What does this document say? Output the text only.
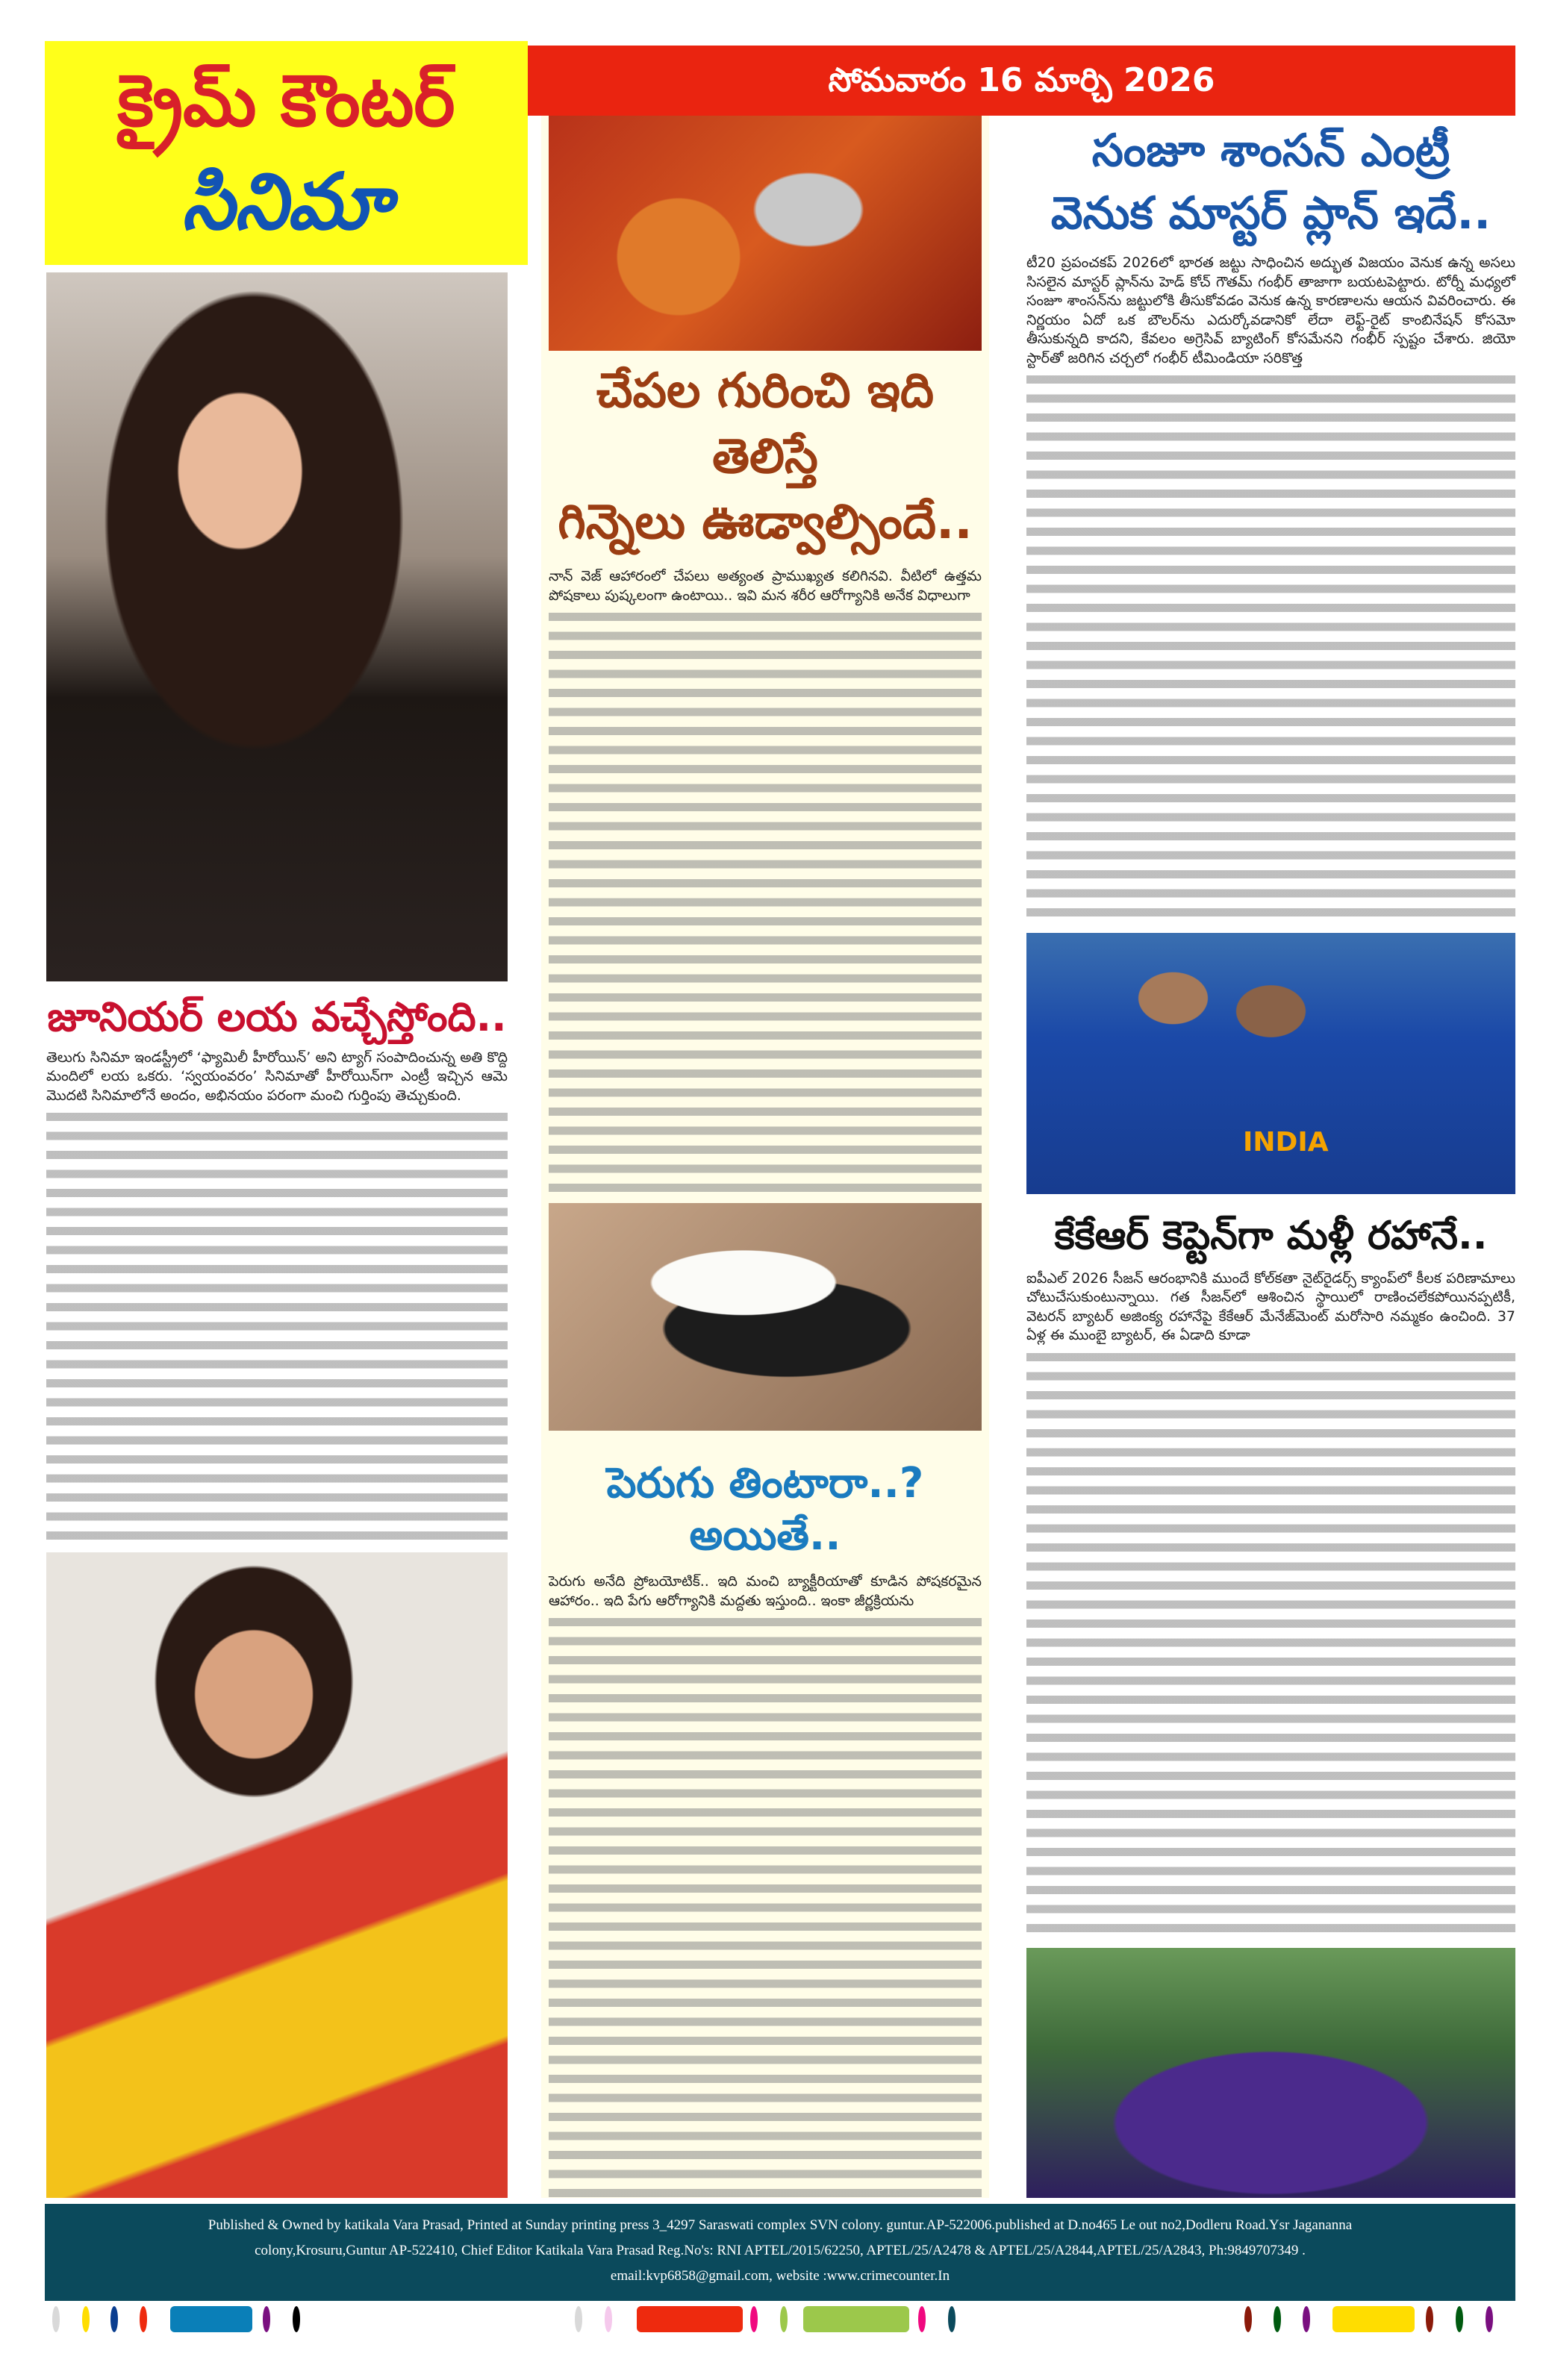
క్రైమ్ కౌంటర్
సినిమా
సోమవారం 16 మార్చి 2026
జూనియర్ లయ వచ్చేస్తోంది..

తెలుగు సినిమా ఇండస్ట్రీలో ‘ఫ్యామిలీ హీరోయిన్’ అని ట్యాగ్ సంపాదించున్న అతి కొద్ది మందిలో లయ ఒకరు. ‘స్వయంవరం’ సినిమాతో హీరోయిన్‌గా ఎంట్రీ ఇచ్చిన ఆమె మొదటి సినిమాలోనే అందం, అభినయం పరంగా మంచి గుర్తింపు తెచ్చుకుంది.

చేపల గురించి ఇది తెలిస్తే
గిన్నెలు ఊడ్వాల్సిందే..

నాన్ వెజ్ ఆహారంలో చేపలు అత్యంత ప్రాముఖ్యత కలిగినవి. వీటిలో ఉత్తమ పోషకాలు పుష్కలంగా ఉంటాయి.. ఇవి మన శరీర ఆరోగ్యానికి అనేక విధాలుగా

పెరుగు తింటారా..? అయితే..

పెరుగు అనేది ప్రోబయోటిక్.. ఇది మంచి బ్యాక్టీరియాతో కూడిన పోషకరమైన ఆహారం.. ఇది పేగు ఆరోగ్యానికి మద్దతు ఇస్తుంది.. ఇంకా జీర్ణక్రియను

సంజూ శాంసన్ ఎంట్రీ
వెనుక మాస్టర్ ప్లాన్ ఇదే..

టీ20 ప్రపంచకప్ 2026లో భారత జట్టు సాధించిన అద్భుత విజయం వెనుక ఉన్న అసలు సిసలైన మాస్టర్ ప్లాన్‌ను హెడ్ కోచ్ గౌతమ్ గంభీర్ తాజాగా బయటపెట్టారు. టోర్నీ మధ్యలో సంజూ శాంసన్‌ను జట్టులోకి తీసుకోవడం వెనుక ఉన్న కారణాలను ఆయన వివరించారు. ఈ నిర్ణయం ఏదో ఒక బౌలర్‌ను ఎదుర్కోవడానికో లేదా లెఫ్ట్-రైట్ కాంబినేషన్ కోసమో తీసుకున్నది కాదని, కేవలం అగ్రెసివ్ బ్యాటింగ్ కోసమేనని గంభీర్ స్పష్టం చేశారు. జియో స్టార్‌తో జరిగిన చర్చలో గంభీర్ టీమిండియా సరికొత్త

INDIA
కేకేఆర్ కెప్టెన్‌గా మళ్లీ రహానే..

ఐపీఎల్ 2026 సీజన్ ఆరంభానికి ముందే కోల్‌కతా నైట్‌రైడర్స్ క్యాంప్‌లో కీలక పరిణామాలు చోటుచేసుకుంటున్నాయి. గత సీజన్‌లో ఆశించిన స్థాయిలో రాణించలేకపోయినప్పటికీ, వెటరన్ బ్యాటర్ అజింక్య రహానేపై కేకేఆర్ మేనేజ్‌మెంట్ మరోసారి నమ్మకం ఉంచింది. 37 ఏళ్ల ఈ ముంబై బ్యాటర్, ఈ ఏడాది కూడా

Published & Owned by katikala Vara Prasad, Printed at Sunday printing press 3_4297 Saraswati complex SVN colony. guntur.AP-522006.published at D.no465 Le out no2,Dodleru Road.Ysr Jagananna
colony,Krosuru,Guntur AP-522410, Chief Editor Katikala Vara Prasad Reg.No's: RNI APTEL/2015/62250, APTEL/25/A2478 & APTEL/25/A2844,APTEL/25/A2843, Ph:9849707349 .
email:kvp6858@gmail.com, website :www.crimecounter.In
